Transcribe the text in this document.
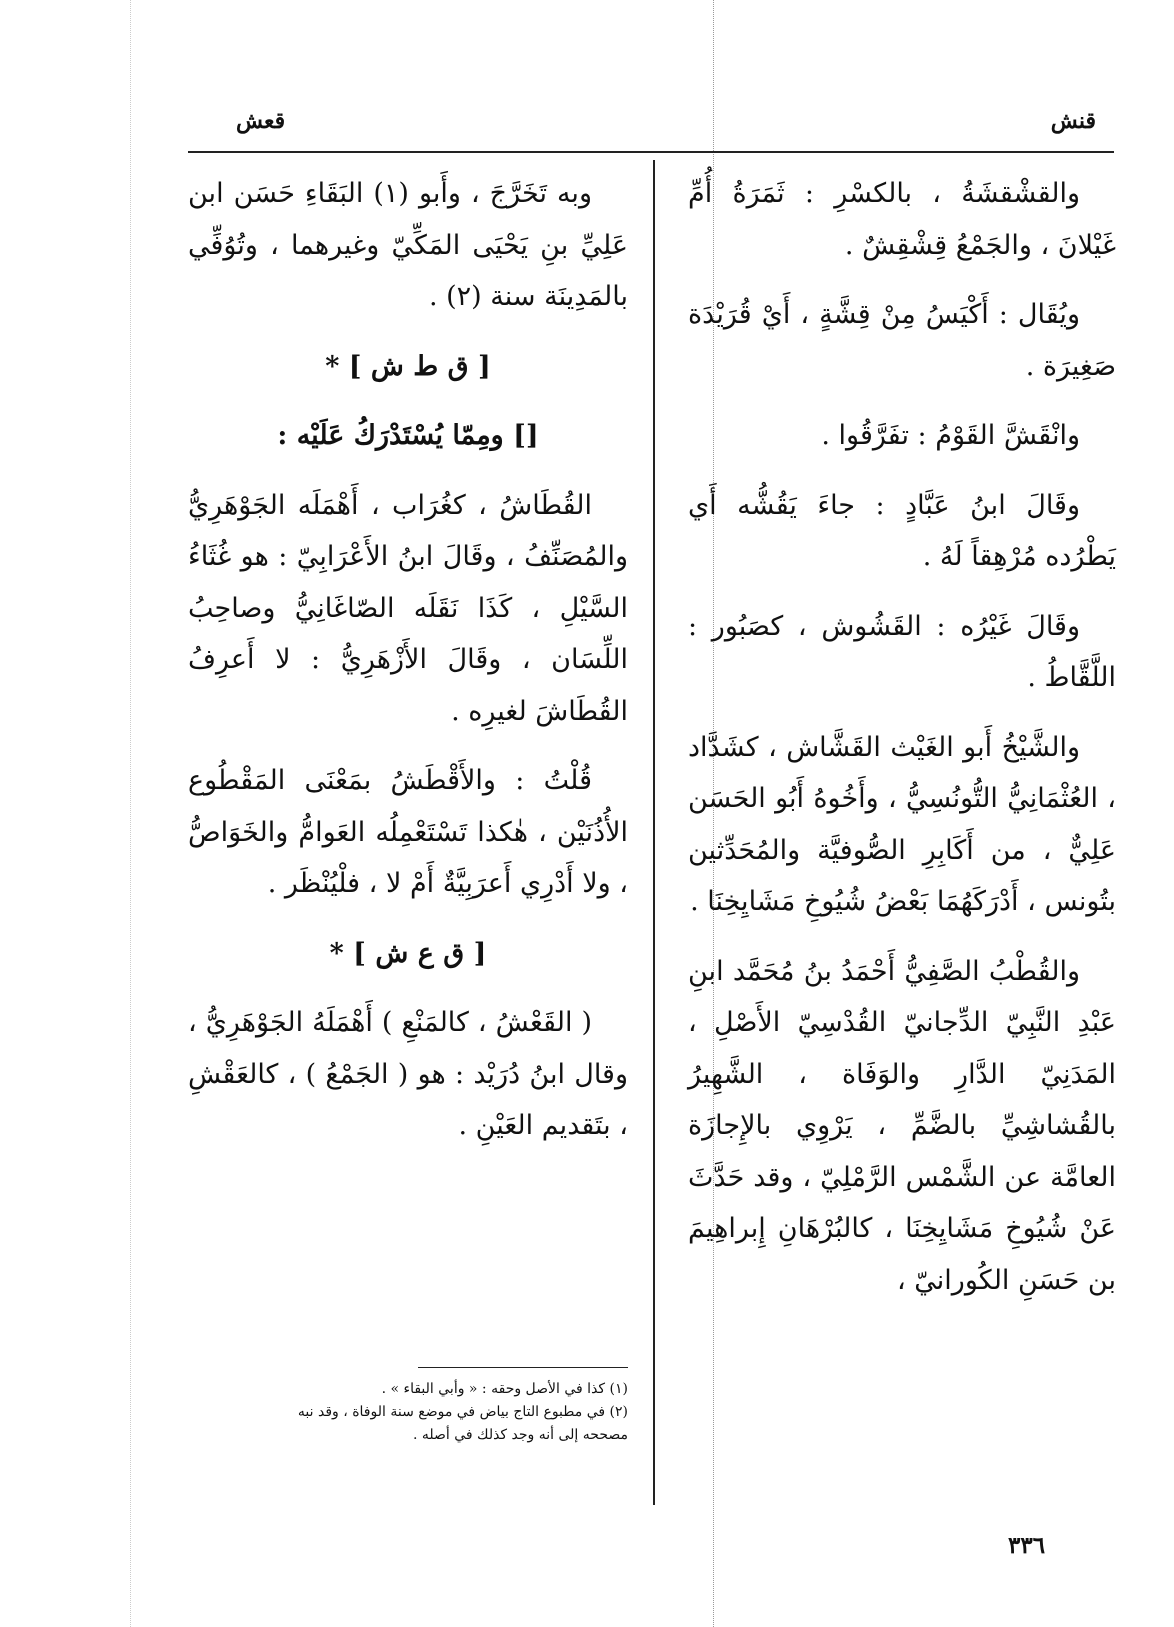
قنش
قعش

والقشْقشَةُ ، بالكسْرِ : ثَمَرَةُ أُمِّ غَيْلانَ ، والجَمْعُ قِشْقِشٌ .

ويُقَال : أَكْيَسُ مِنْ قِشَّةٍ ، أَيْ قُرَيْدَة صَغِيرَة .

وانْقَشَّ القَوْمُ : تفَرَّقُوا .

وقَالَ ابنُ عَبَّادٍ : جاءَ يَقُشُّه أَي يَطْرُده مُرْهِقاً لَهُ .

وقَالَ غَيْرُه : القَشُوش ، كصَبُور : اللَّقَّاطُ .

والشَّيْخُ أَبو الغَيْث القَشَّاش ، كشَدَّاد ، العُثْمَانِيُّ التُّونُسِيُّ ، وأَخُوهُ أَبُو الحَسَن عَلِيٌّ ، من أَكَابِرِ الصُّوفيَّة والمُحَدِّثين بتُونس ، أَدْرَكَهُمَا بَعْضُ شُيُوخِ مَشَايِخِنَا .

والقُطْبُ الصَّفِيُّ أَحْمَدُ بنُ مُحَمَّد ابنِ عَبْدِ النَّبِيّ الدِّجانيّ القُدْسِيّ الأَصْلِ ، المَدَنِيّ الدَّارِ والوَفَاة ، الشَّهِيرُ بالقُشاشِيِّ بالضَّمِّ ، يَرْوِي بالإِجازَة العامَّة عن الشَّمْس الرَّمْلِيّ ، وقد حَدَّثَ عَنْ شُيُوخِ مَشَايِخِنَا ، كالبُرْهَانِ إِبراهِيمَ بن حَسَنِ الكُورانيّ ،

وبه تَخَرَّجَ ، وأَبو (١) البَقَاءِ حَسَن ابن عَلِيِّ بنِ يَحْيَى المَكِّيّ وغيرهما ، وتُوُفِّي بالمَدِينَة سنة (٢) .

[ ق ط ش ] *

[] ومِمّا يُسْتَدْرَكُ عَلَيْه :

القُطَاشُ ، كغُرَاب ، أَهْمَلَه الجَوْهَرِيُّ والمُصَنِّفُ ، وقَالَ ابنُ الأَعْرَابِيّ : هو غُثَاءُ السَّيْلِ ، كَذَا نَقَلَه الصّاغَانِيُّ وصاحِبُ اللِّسَان ، وقَالَ الأَزْهَرِيُّ : لا أَعرِفُ القُطَاشَ لغيرِه .

قُلْتُ : والأَقْطَشُ بمَعْنَى المَقْطُوع الأُذُنَيْن ، هٰكذا تَسْتَعْمِلُه العَوامُّ والخَوَاصُّ ، ولا أَدْرِي أَعرَبِيَّةٌ أَمْ لا ، فلْيُنْظَر .

[ ق ع ش ] *

( القَعْشُ ، كالمَنْعِ ) أَهْمَلَهُ الجَوْهَرِيُّ ، وقال ابنُ دُرَيْد : هو ( الجَمْعُ ) ، كالعَقْشِ ، بتَقديم العَيْنِ .

(١) كذا في الأصل وحقه : « وأبي البقاء » .
(٢) في مطبوع التاج بياض في موضع سنة الوفاة ، وقد نبه مصححه إلى أنه وجد كذلك في أصله .
٣٣٦
